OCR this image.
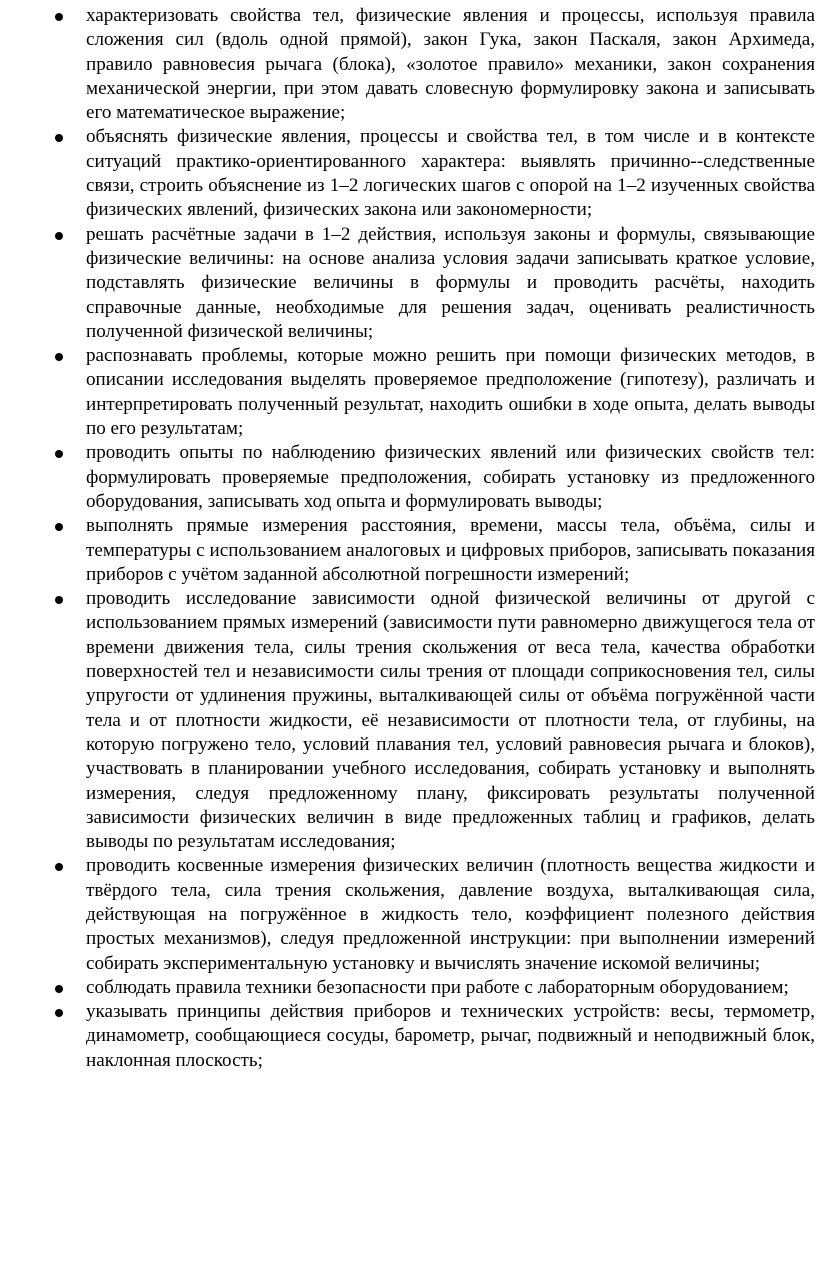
характеризовать свойства тел, физические явления и процессы, используя правила сложения сил (вдоль одной прямой), закон Гука, закон Паскаля, закон Архимеда, правило равновесия рычага (блока), «золотое правило» механики, закон сохранения механической энергии, при этом давать словесную формулировку закона и записывать его математическое выражение;

объяснять физические явления, процессы и свойства тел, в том числе и в контексте ситуаций практико-ориентированного характера: выявлять причинно--следственные связи, строить объяснение из 1–2 логических шагов с опорой на 1–2 изученных свойства физических явлений, физических закона или закономерности;

решать расчётные задачи в 1–2 действия, используя законы и формулы, связывающие физические величины: на основе анализа условия задачи записывать краткое условие, подставлять физические величины в формулы и проводить расчёты, находить справочные данные, необходимые для решения задач, оценивать реалистичность полученной физической величины;

распознавать проблемы, которые можно решить при помощи физических методов, в описании исследования выделять проверяемое предположение (гипотезу), различать и интерпретировать полученный результат, находить ошибки в ходе опыта, делать выводы по его результатам;

проводить опыты по наблюдению физических явлений или физических свойств тел: формулировать проверяемые предположения, собирать установку из предложенного оборудования, записывать ход опыта и формулировать выводы;

выполнять прямые измерения расстояния, времени, массы тела, объёма, силы и температуры с использованием аналоговых и цифровых приборов, записывать показания приборов с учётом заданной абсолютной погрешности измерений;

проводить исследование зависимости одной физической величины от другой с использованием прямых измерений (зависимости пути равномерно движущегося тела от времени движения тела, силы трения скольжения от веса тела, качества обработки поверхностей тел и независимости силы трения от площади соприкосновения тел, силы упругости от удлинения пружины, выталкивающей силы от объёма погружённой части тела и от плотности жидкости, её независимости от плотности тела, от глубины, на которую погружено тело, условий плавания тел, условий равновесия рычага и блоков), участвовать в планировании учебного исследования, собирать установку и выполнять измерения, следуя предложенному плану, фиксировать результаты полученной зависимости физических величин в виде предложенных таблиц и графиков, делать выводы по результатам исследования;

проводить косвенные измерения физических величин (плотность вещества жидкости и твёрдого тела, сила трения скольжения, давление воздуха, выталкивающая сила, действующая на погружённое в жидкость тело, коэффициент полезного действия простых механизмов), следуя предложенной инструкции: при выполнении измерений собирать экспериментальную установку и вычислять значение искомой величины;

соблюдать правила техники безопасности при работе с лабораторным оборудованием;

указывать принципы действия приборов и технических устройств: весы, термометр, динамометр, сообщающиеся сосуды, барометр, рычаг, подвижный и неподвижный блок, наклонная плоскость;
